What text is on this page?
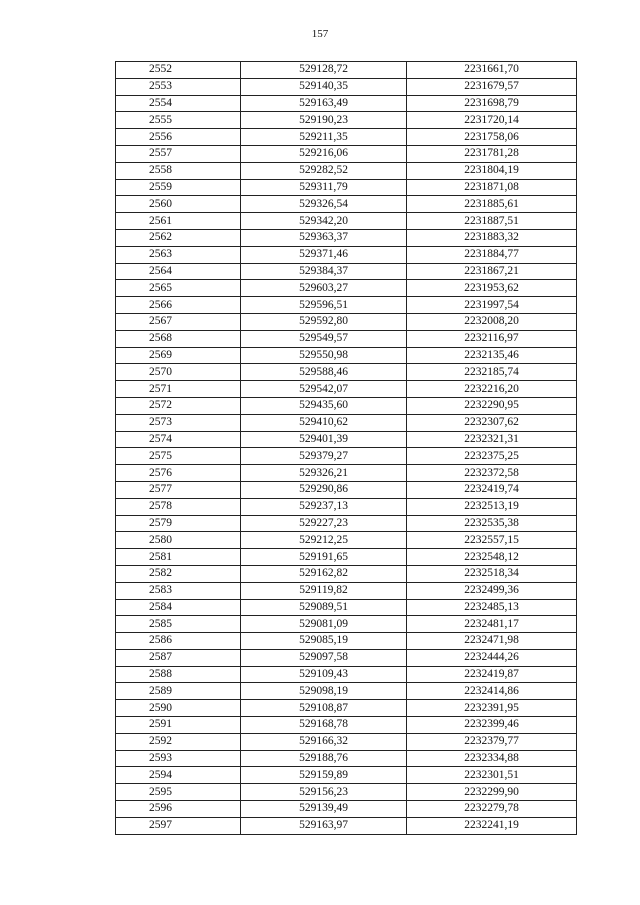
157
2552	529128,72	2231661,70
2553	529140,35	2231679,57
2554	529163,49	2231698,79
2555	529190,23	2231720,14
2556	529211,35	2231758,06
2557	529216,06	2231781,28
2558	529282,52	2231804,19
2559	529311,79	2231871,08
2560	529326,54	2231885,61
2561	529342,20	2231887,51
2562	529363,37	2231883,32
2563	529371,46	2231884,77
2564	529384,37	2231867,21
2565	529603,27	2231953,62
2566	529596,51	2231997,54
2567	529592,80	2232008,20
2568	529549,57	2232116,97
2569	529550,98	2232135,46
2570	529588,46	2232185,74
2571	529542,07	2232216,20
2572	529435,60	2232290,95
2573	529410,62	2232307,62
2574	529401,39	2232321,31
2575	529379,27	2232375,25
2576	529326,21	2232372,58
2577	529290,86	2232419,74
2578	529237,13	2232513,19
2579	529227,23	2232535,38
2580	529212,25	2232557,15
2581	529191,65	2232548,12
2582	529162,82	2232518,34
2583	529119,82	2232499,36
2584	529089,51	2232485,13
2585	529081,09	2232481,17
2586	529085,19	2232471,98
2587	529097,58	2232444,26
2588	529109,43	2232419,87
2589	529098,19	2232414,86
2590	529108,87	2232391,95
2591	529168,78	2232399,46
2592	529166,32	2232379,77
2593	529188,76	2232334,88
2594	529159,89	2232301,51
2595	529156,23	2232299,90
2596	529139,49	2232279,78
2597	529163,97	2232241,19
